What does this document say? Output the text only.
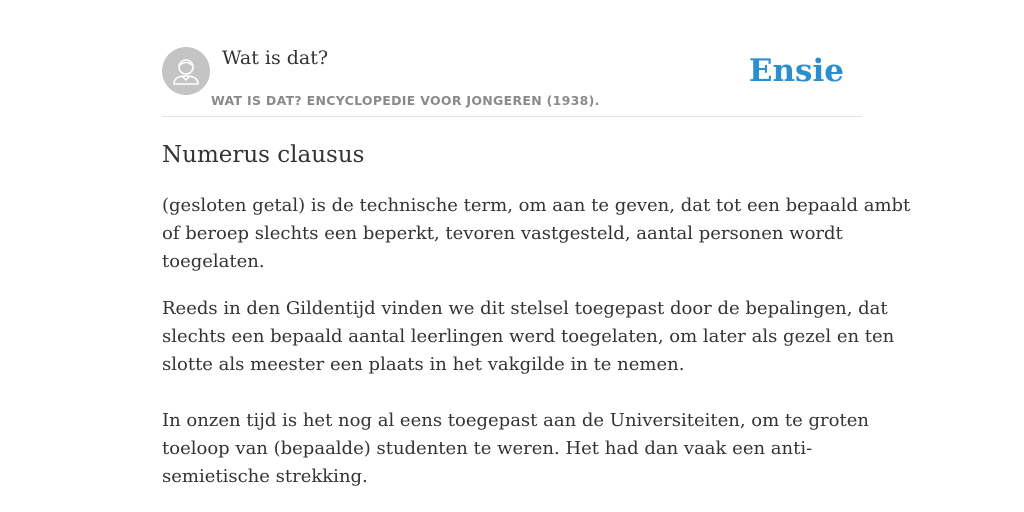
Wat is dat?
WAT IS DAT? ENCYCLOPEDIE VOOR JONGEREN (1938).
Ensie
Numerus clausus

(gesloten getal) is de technische term, om aan te geven, dat tot een bepaald ambt
of beroep slechts een beperkt, tevoren vastgesteld, aantal personen wordt
toegelaten.

Reeds in den Gildentijd vinden we dit stelsel toegepast door de bepalingen, dat
slechts een bepaald aantal leerlingen werd toegelaten, om later als gezel en ten
slotte als meester een plaats in het vakgilde in te nemen.

In onzen tijd is het nog al eens toegepast aan de Universiteiten, om te groten
toeloop van (bepaalde) studenten te weren. Het had dan vaak een anti-
semietische strekking.
